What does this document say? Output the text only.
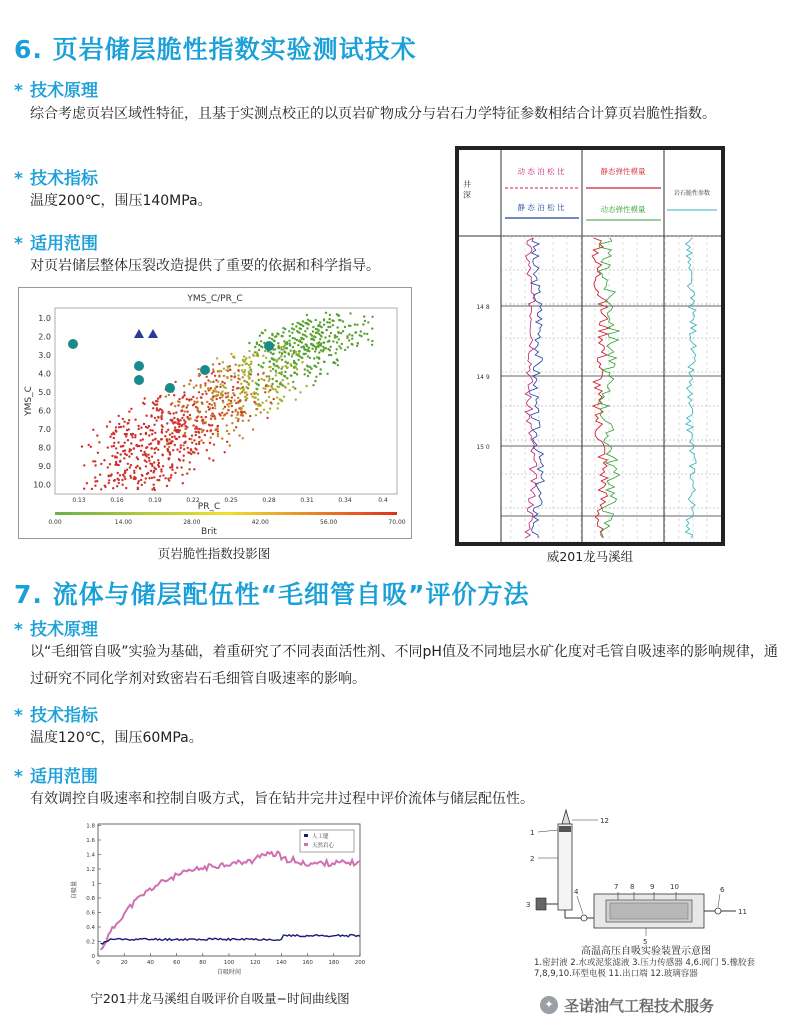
6. 页岩储层脆性指数实验测试技术
* 技术原理
综合考虑页岩区域性特征，且基于实测点校正的以页岩矿物成分与岩石力学特征参数相结合计算页岩脆性指数。
* 技术指标
温度200℃，围压140MPa。
* 适用范围
对页岩储层整体压裂改造提供了重要的依据和科学指导。
YMS_C/PR_C
1.0
2.0
3.0
4.0
5.0
6.0
7.0
8.0
9.0
10.0
0.13	0.16	0.19	0.22	0.25	0.28	0.31	0.34	0.4
YMS_C
PR_C
0.00	14.00	28.00	42.00	56.00	70.00
Brit
页岩脆性指数投影图
井 深
动 态 泊 松 比
静 态 泊 松 比
静态弹性模量
动态弹性模量
岩石脆性参数
14 8
14 9
15 0
威201龙马溪组
7. 流体与储层配伍性“毛细管自吸”评价方法
* 技术原理
以“毛细管自吸”实验为基础，着重研究了不同表面活性剂、不同pH值及不同地层水矿化度对毛管自吸速率的影响规律，通过研究不同化学剂对致密岩石毛细管自吸速率的影响。
* 技术指标
温度120℃，围压60MPa。
* 适用范围
有效调控自吸速率和控制自吸方式，旨在钻井完井过程中评价流体与储层配伍性。
0
0.2
0.4
0.6
0.8
1
1.2
1.4
1.6
1.8
0	20	40	60	80	100	120	140	160	180	200
自吸量
自吸时间
人工缝
天然岩心
宁201井龙马溪组自吸评价自吸量−时间曲线图
12
1
2
3
4
7 8 9 10
5
6
11
高温高压自吸实验装置示意图
1.密封液 2.水或泥浆滤液 3.压力传感器 4,6.阀门 5.橡胶套 7,8,9,10.环型电极 11.出口端 12.玻璃容器
✦ 圣诺油气工程技术服务
